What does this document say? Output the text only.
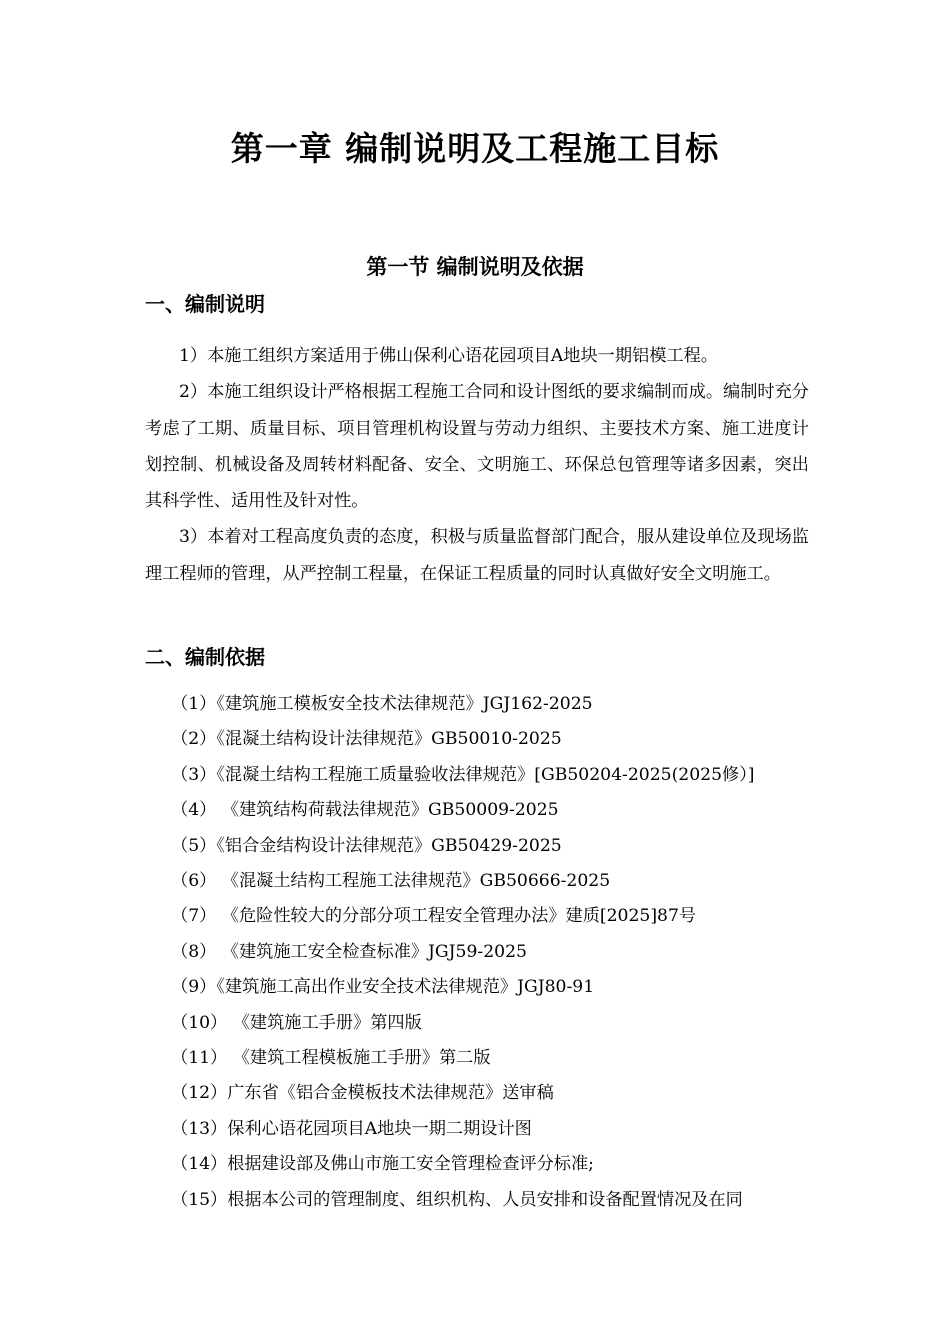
第一章 编制说明及工程施工目标
第一节 编制说明及依据
一、编制说明

1）本施工组织方案适用于佛山保利心语花园项目A地块一期铝模工程。

2）本施工组织设计严格根据工程施工合同和设计图纸的要求编制而成。编制时充分考虑了工期、质量目标、项目管理机构设置与劳动力组织、主要技术方案、施工进度计划控制、机械设备及周转材料配备、安全、文明施工、环保总包管理等诸多因素，突出其科学性、适用性及针对性。

3）本着对工程高度负责的态度，积极与质量监督部门配合，服从建设单位及现场监理工程师的管理，从严控制工程量，在保证工程质量的同时认真做好安全文明施工。

二、编制依据
（1）《建筑施工模板安全技术法律规范》JGJ162-2025
（2）《混凝土结构设计法律规范》GB50010-2025
（3）《混凝土结构工程施工质量验收法律规范》[GB50204-2025(2025修）]
（4） 《建筑结构荷载法律规范》GB50009-2025
（5）《铝合金结构设计法律规范》GB50429-2025
（6） 《混凝土结构工程施工法律规范》GB50666-2025
（7） 《危险性较大的分部分项工程安全管理办法》建质[2025]87号
（8） 《建筑施工安全检查标准》JGJ59-2025
（9）《建筑施工高出作业安全技术法律规范》JGJ80-91
（10） 《建筑施工手册》第四版
（11） 《建筑工程模板施工手册》第二版
（12）广东省《铝合金模板技术法律规范》送审稿
（13）保利心语花园项目A地块一期二期设计图
（14）根据建设部及佛山市施工安全管理检查评分标准;
（15）根据本公司的管理制度、组织机构、人员安排和设备配置情况及在同
